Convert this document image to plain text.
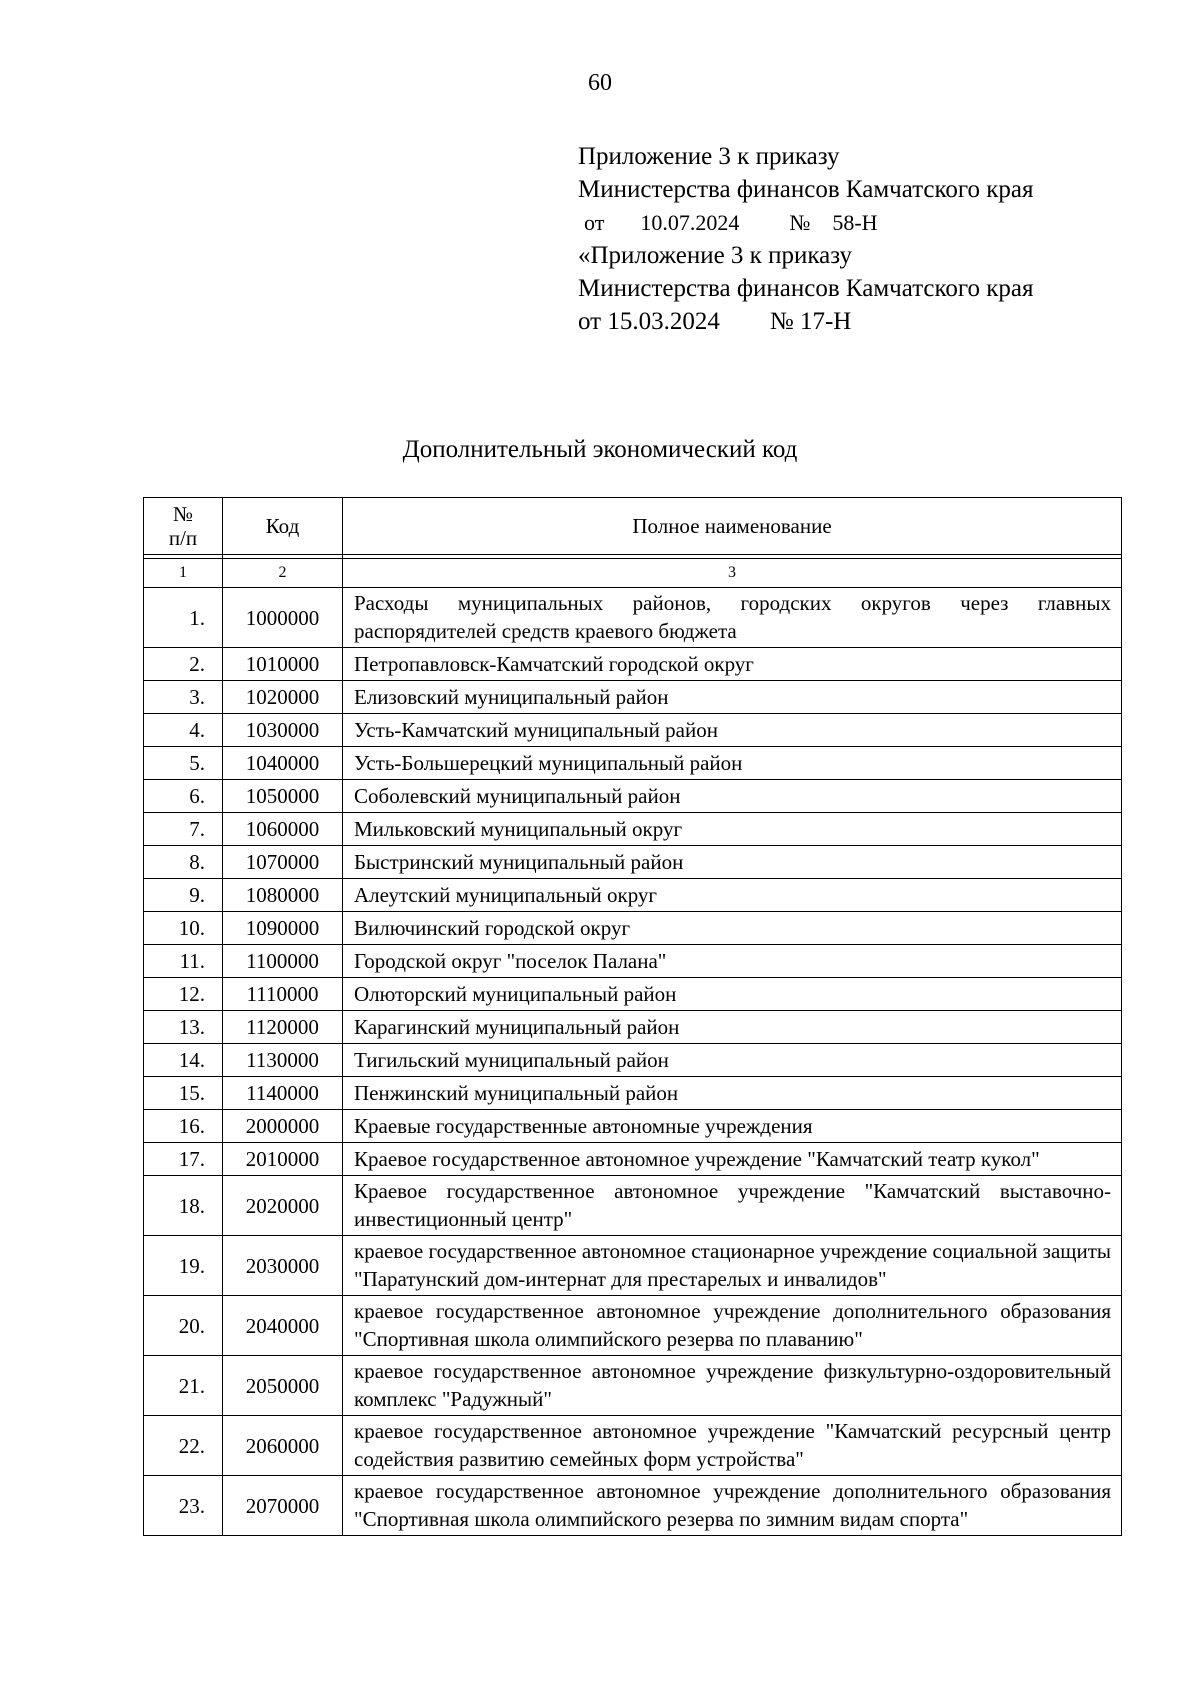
60
Приложение 3 к приказу
Министерства финансов Камчатского края
от 10.07.2024 № 58-Н
«Приложение 3 к приказу
Министерства финансов Камчатского края
от 15.03.2024 № 17-Н
Дополнительный экономический код
№
п/п	Код	Полное наименование

1	2	3
1.	1000000	Расходы муниципальных районов, городских округов через главных распорядителей средств краевого бюджета
2.	1010000	Петропавловск-Камчатский городской округ
3.	1020000	Елизовский муниципальный район
4.	1030000	Усть-Камчатский муниципальный район
5.	1040000	Усть-Большерецкий муниципальный район
6.	1050000	Соболевский муниципальный район
7.	1060000	Мильковский муниципальный округ
8.	1070000	Быстринский муниципальный район
9.	1080000	Алеутский муниципальный округ
10.	1090000	Вилючинский городской округ
11.	1100000	Городской округ "поселок Палана"
12.	1110000	Олюторский муниципальный район
13.	1120000	Карагинский муниципальный район
14.	1130000	Тигильский муниципальный район
15.	1140000	Пенжинский муниципальный район
16.	2000000	Краевые государственные автономные учреждения
17.	2010000	Краевое государственное автономное учреждение "Камчатский театр кукол"
18.	2020000	Краевое государственное автономное учреждение "Камчатский выставочно-инвестиционный центр"
19.	2030000	краевое государственное автономное стационарное учреждение социальной защиты "Паратунский дом-интернат для престарелых и инвалидов"
20.	2040000	краевое государственное автономное учреждение дополнительного образования "Спортивная школа олимпийского резерва по плаванию"
21.	2050000	краевое государственное автономное учреждение физкультурно-оздоровительный комплекс "Радужный"
22.	2060000	краевое государственное автономное учреждение "Камчатский ресурсный центр содействия развитию семейных форм устройства"
23.	2070000	краевое государственное автономное учреждение дополнительного образования "Спортивная школа олимпийского резерва по зимним видам спорта"
